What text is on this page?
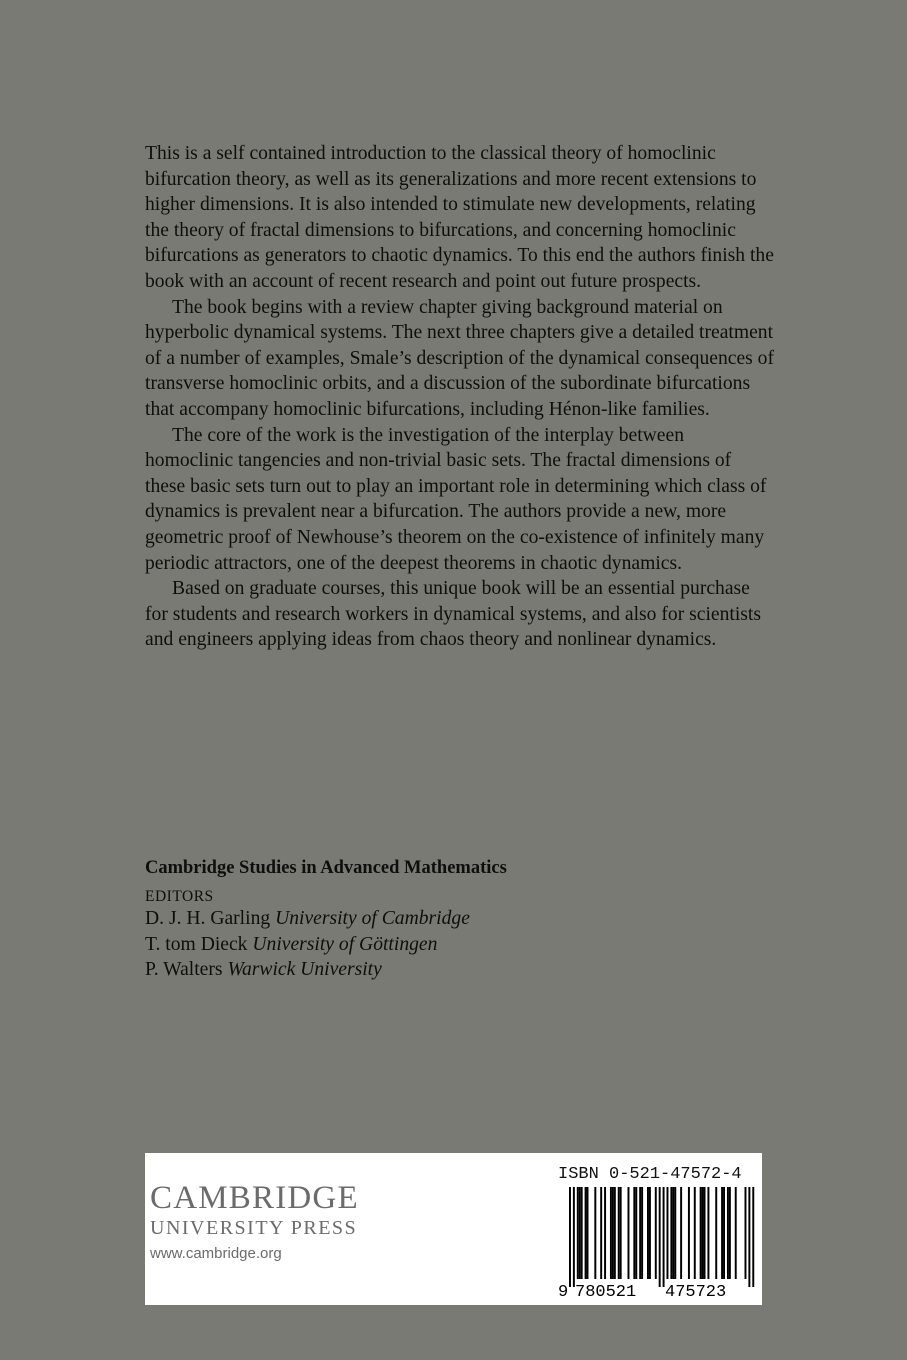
This is a self contained introduction to the classical theory of homoclinic bifurcation theory, as well as its generalizations and more recent extensions to higher dimensions. It is also intended to stimulate new developments, relating the theory of fractal dimensions to bifurcations, and concerning homoclinic bifurcations as generators to chaotic dynamics. To this end the authors finish the book with an account of recent research and point out future prospects.

The book begins with a review chapter giving background material on hyperbolic dynamical systems. The next three chapters give a detailed treatment of a number of examples, Smale’s description of the dynamical consequences of transverse homoclinic orbits, and a discussion of the subordinate bifurcations that accompany homoclinic bifurcations, including Hénon-like families.

The core of the work is the investigation of the interplay between homoclinic tangencies and non-trivial basic sets. The fractal dimensions of these basic sets turn out to play an important role in determining which class of dynamics is prevalent near a bifurcation. The authors provide a new, more geometric proof of Newhouse’s theorem on the co-existence of infinitely many periodic attractors, one of the deepest theorems in chaotic dynamics.

Based on graduate courses, this unique book will be an essential purchase for students and research workers in dynamical systems, and also for scientists and engineers applying ideas from chaos theory and nonlinear dynamics.

Cambridge Studies in Advanced Mathematics
EDITORS
D. J. H. Garling University of Cambridge
T. tom Dieck University of Göttingen
P. Walters Warwick University
CAMBRIDGE
UNIVERSITY PRESS
www.cambridge.org
ISBN 0-521-47572-4
9 780521 475723
